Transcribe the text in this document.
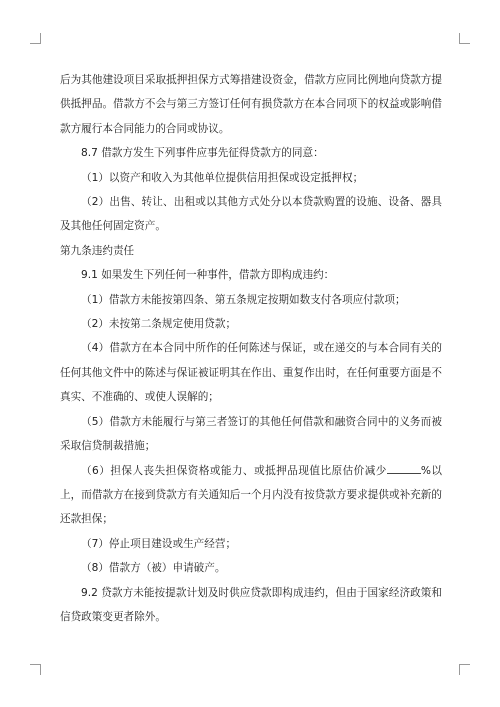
后为其他建设项目采取抵押担保方式筹措建设资金，借款方应同比例地向贷款方提供抵押品。借款方不会与第三方签订任何有损贷款方在本合同项下的权益或影响借款方履行本合同能力的合同或协议。

8.7 借款方发生下列事件应事先征得贷款方的同意：

（1）以资产和收入为其他单位提供信用担保或设定抵押权；

（2）出售、转让、出租或以其他方式处分以本贷款购置的设施、设备、器具及其他任何固定资产。

第九条违约责任

9.1 如果发生下列任何一种事件，借款方即构成违约：

（1）借款方未能按第四条、第五条规定按期如数支付各项应付款项；

（2）未按第二条规定使用贷款；

（4）借款方在本合同中所作的任何陈述与保证，或在递交的与本合同有关的任何其他文件中的陈述与保证被证明其在作出、重复作出时，在任何重要方面是不真实、不准确的、或使人误解的；

（5）借款方未能履行与第三者签订的其他任何借款和融资合同中的义务而被采取信贷制裁措施；

（6）担保人丧失担保资格或能力、或抵押品现值比原估价减少	%以上，而借款方在接到贷款方有关通知后一个月内没有按贷款方要求提供或补充新的还款担保；

（7）停止项目建设或生产经营；

（8）借款方（被）申请破产。

9.2 贷款方未能按提款计划及时供应贷款即构成违约，但由于国家经济政策和信贷政策变更者除外。
